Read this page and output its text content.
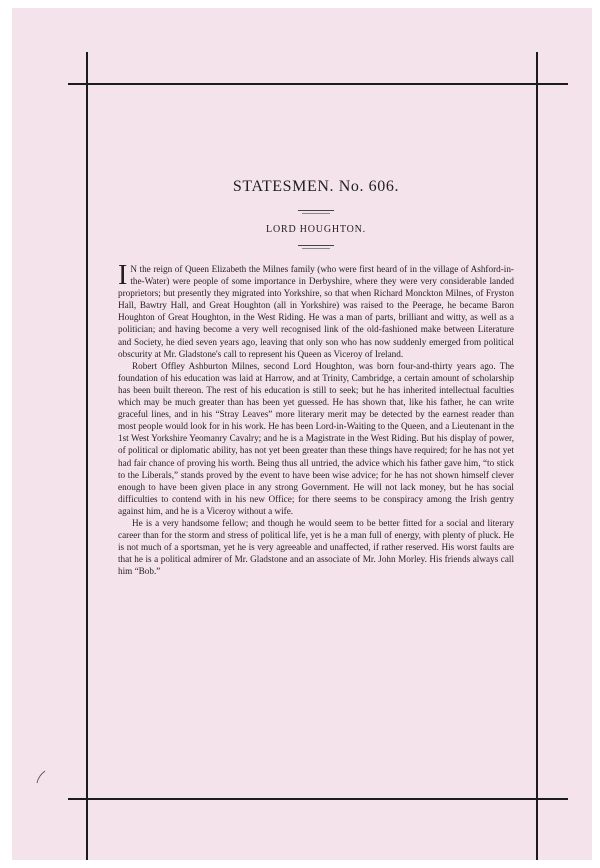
STATESMEN. No. 606.
LORD HOUGHTON.

I N the reign of Queen Elizabeth the Milnes family (who were first heard of in the village of Ashford-in-the-Water) were people of some importance in Derbyshire, where they were very considerable landed proprietors; but presently they migrated into Yorkshire, so that when Richard Monckton Milnes, of Fryston Hall, Bawtry Hall, and Great Houghton (all in Yorkshire) was raised to the Peerage, he became Baron Houghton of Great Houghton, in the West Riding. He was a man of parts, brilliant and witty, as well as a politician; and having become a very well recognised link of the old-fashioned make between Literature and Society, he died seven years ago, leaving that only son who has now suddenly emerged from political obscurity at Mr. Gladstone's call to represent his Queen as Viceroy of Ireland.

Robert Offley Ashburton Milnes, second Lord Houghton, was born four-and-thirty years ago. The foundation of his education was laid at Harrow, and at Trinity, Cambridge, a certain amount of scholarship has been built thereon. The rest of his education is still to seek; but he has inherited intellectual faculties which may be much greater than has been yet guessed. He has shown that, like his father, he can write graceful lines, and in his “Stray Leaves” more literary merit may be detected by the earnest reader than most people would look for in his work. He has been Lord-in-Waiting to the Queen, and a Lieutenant in the 1st West Yorkshire Yeomanry Cavalry; and he is a Magistrate in the West Riding. But his display of power, of political or diplomatic ability, has not yet been greater than these things have required; for he has not yet had fair chance of proving his worth. Being thus all untried, the advice which his father gave him, “to stick to the Liberals,” stands proved by the event to have been wise advice; for he has not shown himself clever enough to have been given place in any strong Government. He will not lack money, but he has social difficulties to contend with in his new Office; for there seems to be conspiracy among the Irish gentry against him, and he is a Viceroy without a wife.

He is a very handsome fellow; and though he would seem to be better fitted for a social and literary career than for the storm and stress of political life, yet is he a man full of energy, with plenty of pluck. He is not much of a sportsman, yet he is very agreeable and unaffected, if rather reserved. His worst faults are that he is a political admirer of Mr. Gladstone and an associate of Mr. John Morley. His friends always call him “Bob.”
